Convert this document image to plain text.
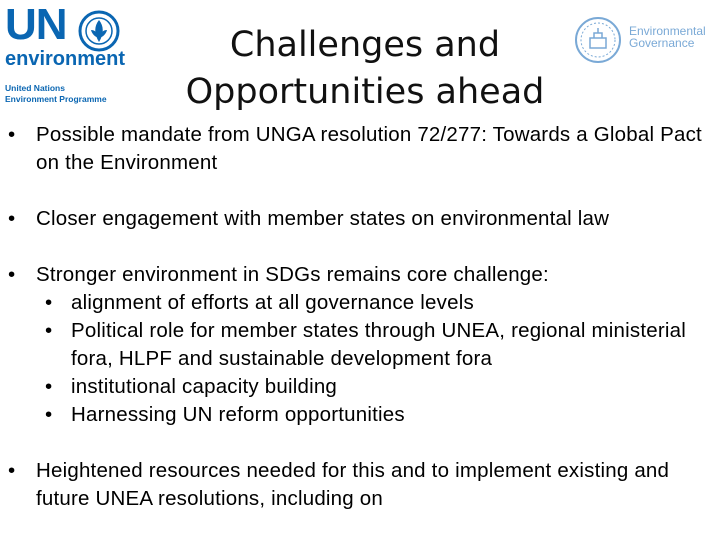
UN
environment
United Nations
Environment Programme
Challenges and
Opportunities ahead
Environmental
Governance
•	Possible mandate from UNGA resolution 72/277: Towards a Global Pact on the Environment
•	Closer engagement with member states on environmental law
•	Stronger environment in SDGs remains core challenge:
• alignment of efforts at all governance levels
• Political role for member states through UNEA, regional ministerial fora, HLPF and sustainable development fora
• institutional capacity building
• Harnessing UN reform opportunities
•	Heightened resources needed for this and to implement existing and future UNEA resolutions, including on
